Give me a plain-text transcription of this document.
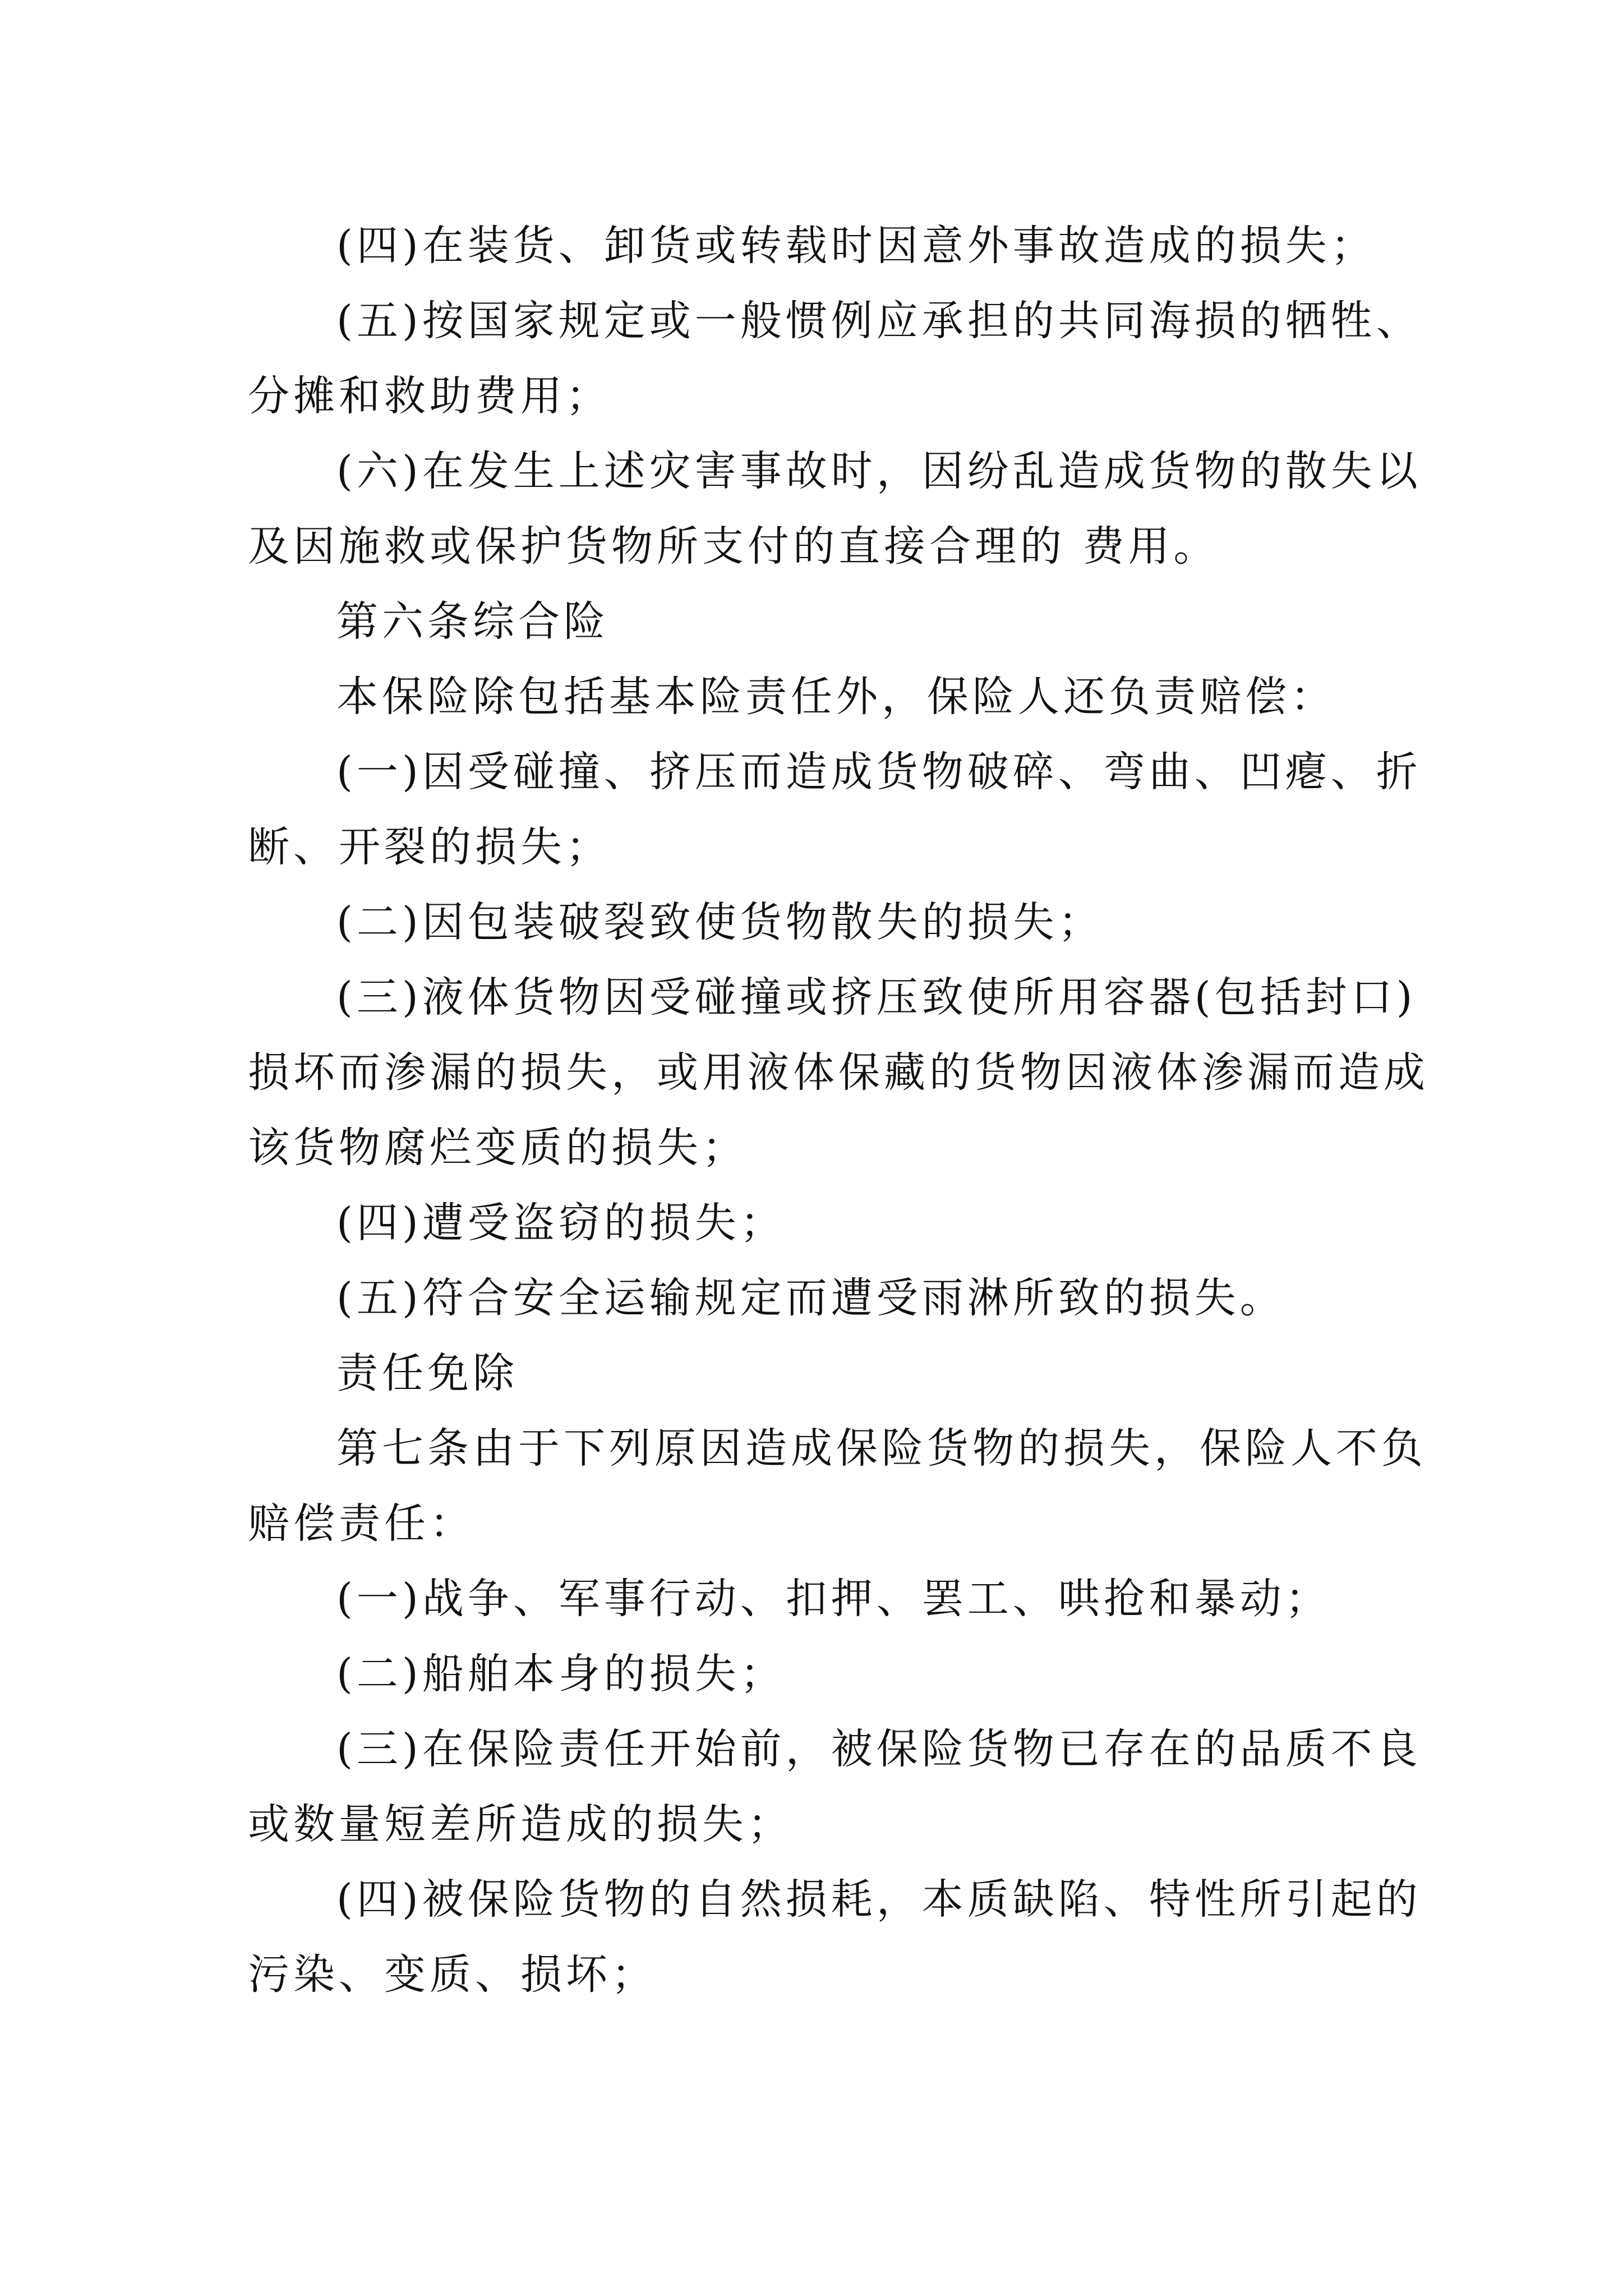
(四)在装货、卸货或转载时因意外事故造成的损失；
(五)按国家规定或一般惯例应承担的共同海损的牺牲、
分摊和救助费用；
(六)在发生上述灾害事故时，因纷乱造成货物的散失以
及因施救或保护货物所支付的直接合理的 费用。
第六条综合险
本保险除包括基本险责任外，保险人还负责赔偿：
(一)因受碰撞、挤压而造成货物破碎、弯曲、凹瘪、折
断、开裂的损失；
(二)因包装破裂致使货物散失的损失；
(三)液体货物因受碰撞或挤压致使所用容器(包括封口)
损坏而渗漏的损失，或用液体保藏的货物因液体渗漏而造成
该货物腐烂变质的损失；
(四)遭受盗窃的损失；
(五)符合安全运输规定而遭受雨淋所致的损失。
责任免除
第七条由于下列原因造成保险货物的损失，保险人不负
赔偿责任：
(一)战争、军事行动、扣押、罢工、哄抢和暴动；
(二)船舶本身的损失；
(三)在保险责任开始前，被保险货物已存在的品质不良
或数量短差所造成的损失；
(四)被保险货物的自然损耗，本质缺陷、特性所引起的
污染、变质、损坏；
